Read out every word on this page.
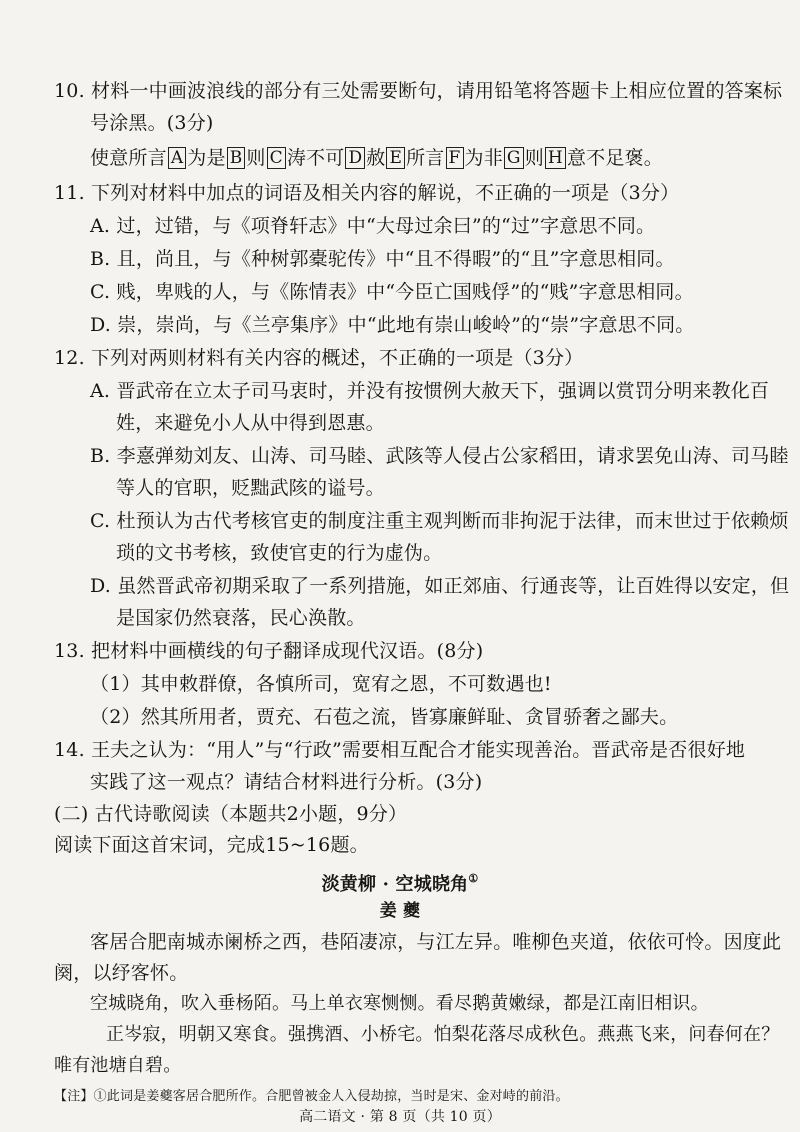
10. 材料一中画波浪线的部分有三处需要断句，请用铅笔将答题卡上相应位置的答案标
号涂黑。(3分)
使意所言 A 为是 B 则 C 涛不可 D 赦 E 所言 F 为非 G 则 H 意不足褒。
11. 下列对材料中加点的词语及相关内容的解说，不正确的一项是（3分）
A. 过，过错，与《项脊轩志》中“大母过余曰”的“过”字意思不同。
B. 且，尚且，与《种树郭橐驼传》中“且不得暇”的“且”字意思相同。
C. 贱，卑贱的人，与《陈情表》中“今臣亡国贱俘”的“贱”字意思相同。
D. 崇，崇尚，与《兰亭集序》中“此地有崇山峻岭”的“崇”字意思不同。
12. 下列对两则材料有关内容的概述，不正确的一项是（3分）
A. 晋武帝在立太子司马衷时，并没有按惯例大赦天下，强调以赏罚分明来教化百
姓，来避免小人从中得到恩惠。
B. 李憙弹劾刘友、山涛、司马睦、武陔等人侵占公家稻田，请求罢免山涛、司马睦
等人的官职，贬黜武陔的谥号。
C. 杜预认为古代考核官吏的制度注重主观判断而非拘泥于法律，而末世过于依赖烦
琐的文书考核，致使官吏的行为虚伪。
D. 虽然晋武帝初期采取了一系列措施，如正郊庙、行通丧等，让百姓得以安定，但
是国家仍然衰落，民心涣散。
13. 把材料中画横线的句子翻译成现代汉语。(8分)
（1）其申敕群僚，各慎所司，宽宥之恩，不可数遇也!
（2）然其所用者，贾充、石苞之流，皆寡廉鲜耻、贪冒骄奢之鄙夫。
14. 王夫之认为：“用人”与“行政”需要相互配合才能实现善治。晋武帝是否很好地
实践了这一观点？请结合材料进行分析。(3分)
(二) 古代诗歌阅读（本题共2小题，9分）
阅读下面这首宋词，完成15~16题。
淡黄柳 · 空城晓角①
姜 夔
客居合肥南城赤阑桥之西，巷陌凄凉，与江左异。唯柳色夹道，依依可怜。因度此
阕，以纾客怀。
空城晓角，吹入垂杨陌。马上单衣寒恻恻。看尽鹅黄嫩绿，都是江南旧相识。
正岑寂，明朝又寒食。强携酒、小桥宅。怕梨花落尽成秋色。燕燕飞来，问春何在？
唯有池塘自碧。
【注】①此词是姜夔客居合肥所作。合肥曾被金人入侵劫掠，当时是宋、金对峙的前沿。
高二语文 · 第 8 页（共 10 页）
